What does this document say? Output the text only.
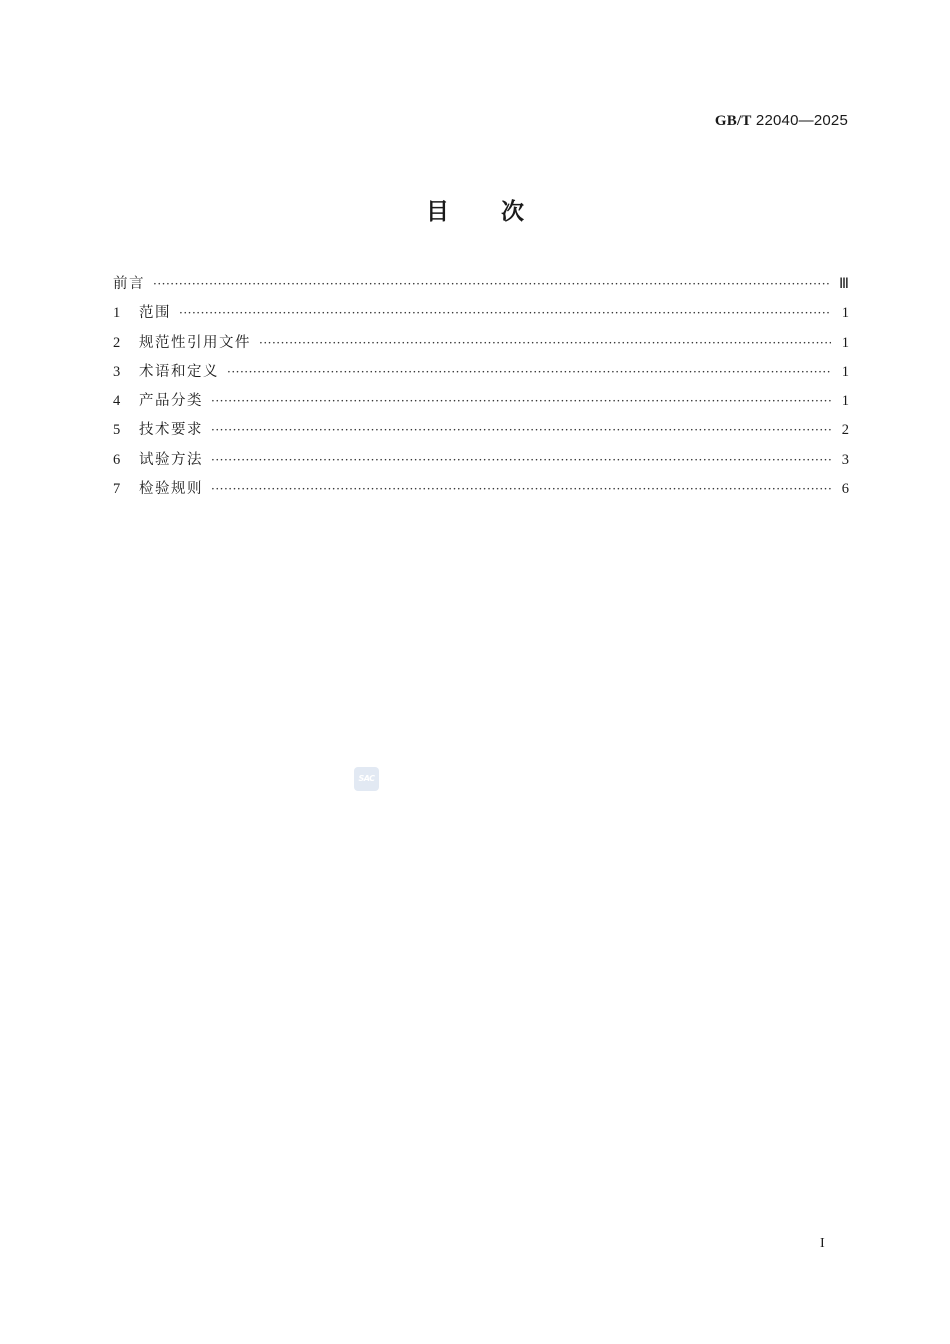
GB/T 22040—2025
目次
前言 ·····	Ⅲ
1	范围 ·····	1
2	规范性引用文件 ·····	1
3	术语和定义 ·····	1
4	产品分类 ·····	1
5	技术要求 ·····	2
6	试验方法 ·····	3
7	检验规则 ·····	6
SAC
I
